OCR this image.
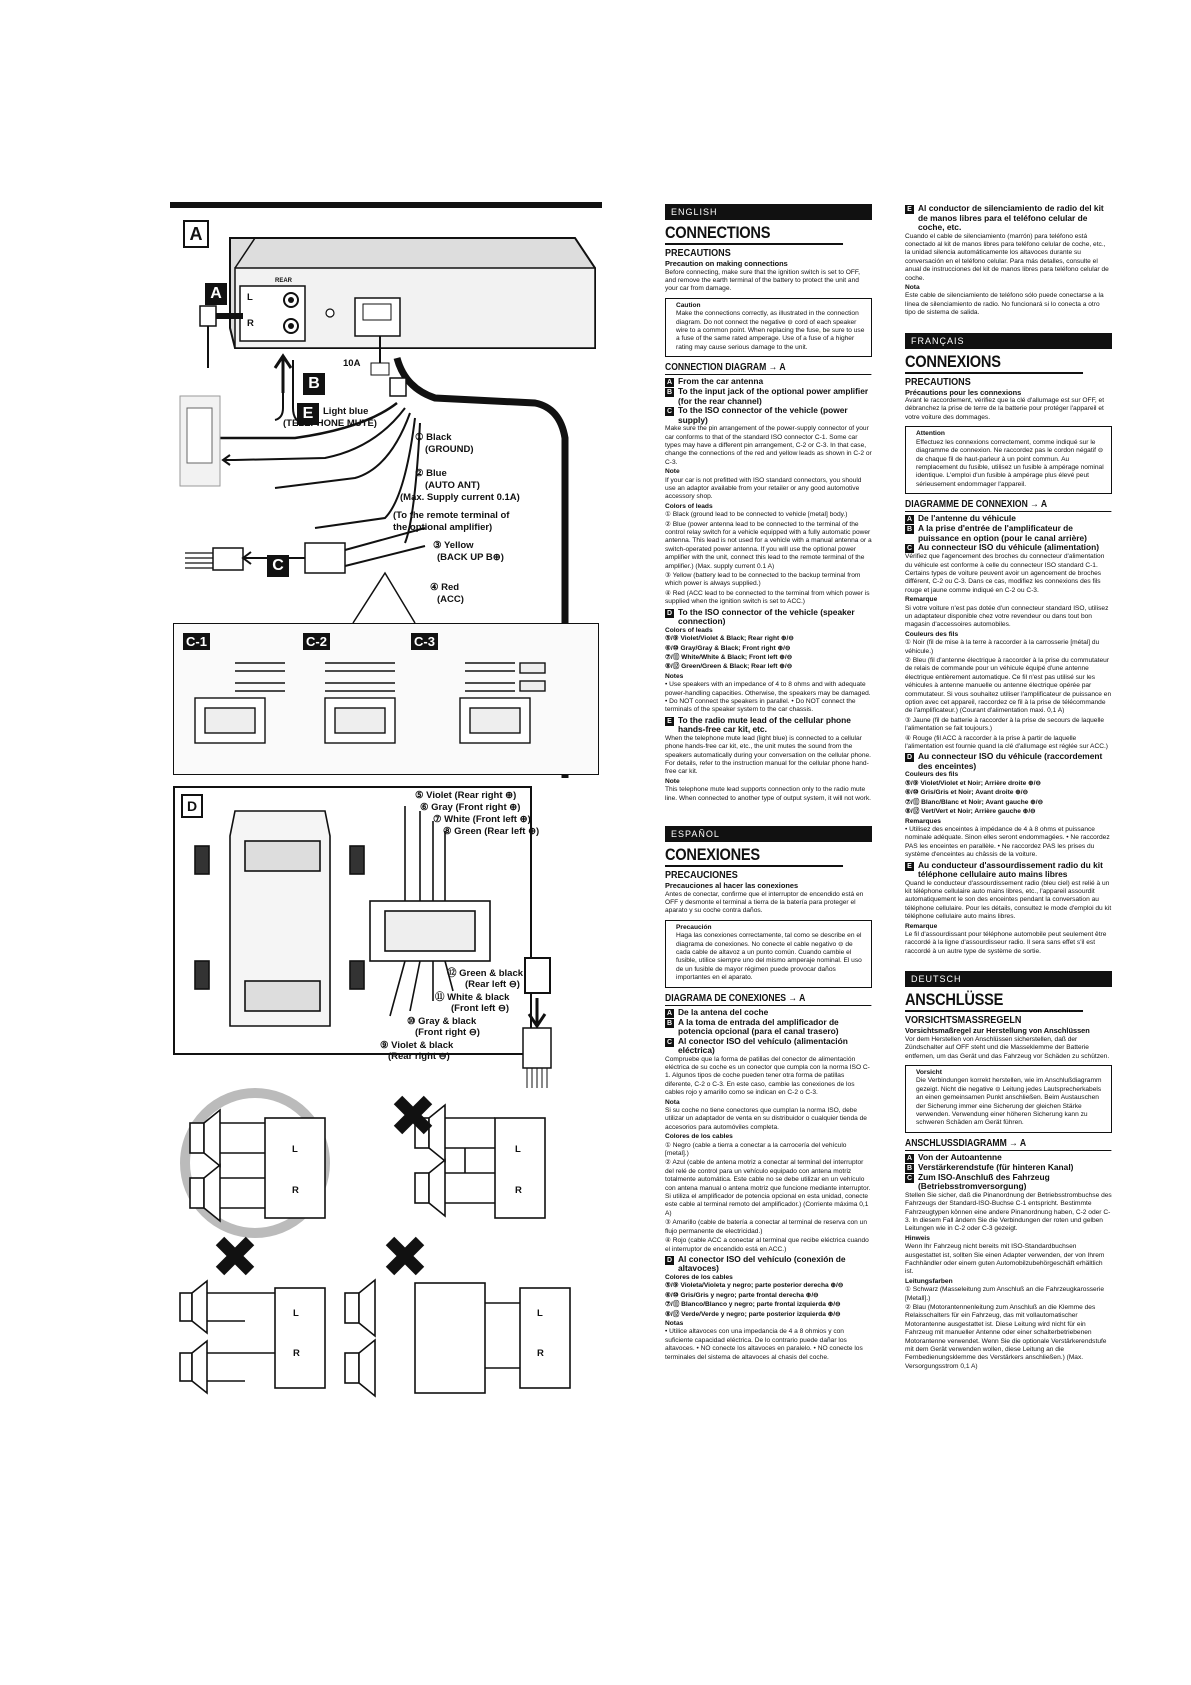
A
A
REAR
L
R
B
10A
E	Light blue
(TELEPHONE MUTE)
① Black
(GROUND)
② Blue
(AUTO ANT)
(Max. Supply current 0.1A)
(To the remote terminal of
the optional amplifier)
③ Yellow
(BACK UP B⊕)
④ Red
(ACC)
C
C-1	C-2	C-3
D
⑤ Violet (Rear right ⊕)
⑥ Gray (Front right ⊕)
⑦ White (Front left ⊕)
⑧ Green (Rear left ⊕)
⑫ Green & black
(Rear left ⊖)
⑪ White & black
(Front left ⊖)
⑩ Gray & black
(Front right ⊖)
⑨ Violet & black
(Rear right ⊖)
L
R
L
R
L
R
L
R
ENGLISH
CONNECTIONS
PRECAUTIONS
Precaution on making connections

Before connecting, make sure that the ignition switch is set to OFF, and remove the earth terminal of the battery to protect the unit and your car from damage.

Caution

Make the connections correctly, as illustrated in the connection diagram. Do not connect the negative ⊖ cord of each speaker wire to a common point. When replacing the fuse, be sure to use a fuse of the same rated amperage. Use of a fuse of a higher rating may cause serious damage to the unit.

CONNECTION DIAGRAM → A
A From the car antenna
B To the input jack of the optional power amplifier (for the rear channel)
C To the ISO connector of the vehicle (power supply)

Make sure the pin arrangement of the power-supply connector of your car conforms to that of the standard ISO connector C-1. Some car types may have a different pin arrangement, C-2 or C-3. In that case, change the connections of the red and yellow leads as shown in C-2 or C-3.

Note

If your car is not prefitted with ISO standard connectors, you should use an adaptor available from your retailer or any good automotive accessory shop.

Colors of leads

① Black (ground lead to be connected to vehicle [metal] body.)

② Blue (power antenna lead to be connected to the terminal of the control relay switch for a vehicle equipped with a fully automatic power antenna. This lead is not used for a vehicle with a manual antenna or a switch-operated power antenna. If you will use the optional power amplifier with the unit, connect this lead to the remote terminal of the amplifier.) (Max. supply current 0.1 A)

③ Yellow (battery lead to be connected to the backup terminal from which power is always supplied.)

④ Red (ACC lead to be connected to the terminal from which power is supplied when the ignition switch is set to ACC.)

D To the ISO connector of the vehicle (speaker connection)
Colors of leads

⑤/⑨ Violet/Violet & Black; Rear right ⊕/⊖

⑥/⑩ Gray/Gray & Black; Front right ⊕/⊖

⑦/⑪ White/White & Black; Front left ⊕/⊖

⑧/⑫ Green/Green & Black; Rear left ⊕/⊖

Notes

• Use speakers with an impedance of 4 to 8 ohms and with adequate power-handling capacities. Otherwise, the speakers may be damaged. • Do NOT connect the speakers in parallel. • Do NOT connect the terminals of the speaker system to the car chassis.

E To the radio mute lead of the cellular phone hands-free car kit, etc.

When the telephone mute lead (light blue) is connected to a cellular phone hands-free car kit, etc., the unit mutes the sound from the speakers automatically during your conversation on the cellular phone. For details, refer to the instruction manual for the cellular phone hand-free car kit.

Note

This telephone mute lead supports connection only to the radio mute line. When connected to another type of output system, it will not work.

ESPAÑOL
CONEXIONES
PRECAUCIONES
Precauciones al hacer las conexiones

Antes de conectar, confirme que el interruptor de encendido está en OFF y desmonte el terminal a tierra de la batería para proteger el aparato y su coche contra daños.

Precaución

Haga las conexiones correctamente, tal como se describe en el diagrama de conexiones. No conecte el cable negativo ⊖ de cada cable de altavoz a un punto común. Cuando cambie el fusible, utilice siempre uno del mismo amperaje nominal. El uso de un fusible de mayor régimen puede provocar daños importantes en el aparato.

DIAGRAMA DE CONEXIONES → A
A De la antena del coche
B A la toma de entrada del amplificador de potencia opcional (para el canal trasero)
C Al conector ISO del vehículo (alimentación eléctrica)

Compruebe que la forma de patillas del conector de alimentación eléctrica de su coche es un conector que cumpla con la norma ISO C-1. Algunos tipos de coche pueden tener otra forma de patillas diferente, C-2 o C-3. En este caso, cambie las conexiones de los cables rojo y amarillo como se indican en C-2 o C-3.

Nota

Si su coche no tiene conectores que cumplan la norma ISO, debe utilizar un adaptador de venta en su distribuidor o cualquier tienda de accesorios para automóviles completa.

Colores de los cables

① Negro (cable a tierra a conectar a la carrocería del vehículo [metal].)

② Azul (cable de antena motriz a conectar al terminal del interruptor del relé de control para un vehículo equipado con antena motriz totalmente automática. Este cable no se debe utilizar en un vehículo con antena manual o antena motriz que funcione mediante interruptor. Si utiliza el amplificador de potencia opcional en esta unidad, conecte este cable al terminal remoto del amplificador.) (Corriente máxima 0,1 A)

③ Amarillo (cable de batería a conectar al terminal de reserva con un flujo permanente de electricidad.)

④ Rojo (cable ACC a conectar al terminal que recibe eléctrica cuando el interruptor de encendido está en ACC.)

D Al conector ISO del vehículo (conexión de altavoces)
Colores de los cables

⑤/⑨ Violeta/Violeta y negro; parte posterior derecha ⊕/⊖

⑥/⑩ Gris/Gris y negro; parte frontal derecha ⊕/⊖

⑦/⑪ Blanco/Blanco y negro; parte frontal izquierda ⊕/⊖

⑧/⑫ Verde/Verde y negro; parte posterior izquierda ⊕/⊖

Notas

• Utilice altavoces con una impedancia de 4 a 8 ohmios y con suficiente capacidad eléctrica. De lo contrario puede dañar los altavoces. • NO conecte los altavoces en paralelo. • NO conecte los terminales del sistema de altavoces al chasis del coche.

E Al conductor de silenciamiento de radio del kit de manos libres para el teléfono celular de coche, etc.

Cuando el cable de silenciamiento (marrón) para teléfono está conectado al kit de manos libres para teléfono celular de coche, etc., la unidad silencia automáticamente los altavoces durante su conversación en el teléfono celular. Para más detalles, consulte el anual de instrucciones del kit de manos libres para teléfono celular de coche.

Nota

Este cable de silenciamiento de teléfono sólo puede conectarse a la línea de silenciamiento de radio. No funcionará si lo conecta a otro tipo de sistema de salida.

FRANÇAIS
CONNEXIONS
PRECAUTIONS
Précautions pour les connexions

Avant le raccordement, vérifiez que la clé d'allumage est sur OFF, et débranchez la prise de terre de la batterie pour protéger l'appareil et votre voiture des dommages.

Attention

Effectuez les connexions correctement, comme indiqué sur le diagramme de connexion. Ne raccordez pas le cordon négatif ⊖ de chaque fil de haut-parleur à un point commun. Au remplacement du fusible, utilisez un fusible à ampérage nominal identique. L'emploi d'un fusible à ampérage plus élevé peut sérieusement endommager l'appareil.

DIAGRAMME DE CONNEXION → A
A De l'antenne du véhicule
B A la prise d'entrée de l'amplificateur de puissance en option (pour le canal arrière)
C Au connecteur ISO du véhicule (alimentation)

Vérifiez que l'agencement des broches du connecteur d'alimentation du véhicule est conforme à celle du connecteur ISO standard C-1. Certains types de voiture peuvent avoir un agencement de broches différent, C-2 ou C-3. Dans ce cas, modifiez les connexions des fils rouge et jaune comme indiqué en C-2 ou C-3.

Remarque

Si votre voiture n'est pas dotée d'un connecteur standard ISO, utilisez un adaptateur disponible chez votre revendeur ou dans tout bon magasin d'accessoires automobiles.

Couleurs des fils

① Noir (fil de mise à la terre à raccorder à la carrosserie [métal] du véhicule.)

② Bleu (fil d'antenne électrique à raccorder à la prise du commutateur de relais de commande pour un véhicule équipé d'une antenne électrique entièrement automatique. Ce fil n'est pas utilisé sur les véhicules à antenne manuelle ou antenne électrique opérée par commutateur. Si vous souhaitez utiliser l'amplificateur de puissance en option avec cet appareil, raccordez ce fil à la prise de télécommande de l'amplificateur.) (Courant d'alimentation maxi. 0,1 A)

③ Jaune (fil de batterie à raccorder à la prise de secours de laquelle l'alimentation se fait toujours.)

④ Rouge (fil ACC à raccorder à la prise à partir de laquelle l'alimentation est fournie quand la clé d'allumage est réglée sur ACC.)

D Au connecteur ISO du véhicule (raccordement des enceintes)
Couleurs des fils

⑤/⑨ Violet/Violet et Noir; Arrière droite ⊕/⊖

⑥/⑩ Gris/Gris et Noir; Avant droite ⊕/⊖

⑦/⑪ Blanc/Blanc et Noir; Avant gauche ⊕/⊖

⑧/⑫ Vert/Vert et Noir; Arrière gauche ⊕/⊖

Remarques

• Utilisez des enceintes à impédance de 4 à 8 ohms et puissance nominale adéquate. Sinon elles seront endommagées. • Ne raccordez PAS les enceintes en parallèle. • Ne raccordez PAS les prises du système d'enceintes au châssis de la voiture.

E Au conducteur d'assourdissement radio du kit téléphone cellulaire auto mains libres

Quand le conducteur d'assourdissement radio (bleu ciel) est relié à un kit téléphone cellulaire auto mains libres, etc., l'appareil assourdit automatiquement le son des enceintes pendant la conversation au téléphone cellulaire. Pour les détails, consultez le mode d'emploi du kit téléphone cellulaire auto mains libres.

Remarque

Le fil d'assourdissant pour téléphone automobile peut seulement être raccordé à la ligne d'assourdisseur radio. Il sera sans effet s'il est raccordé à un autre type de système de sortie.

DEUTSCH
ANSCHLÜSSE
VORSICHTSMASSREGELN
Vorsichtsmaßregel zur Herstellung von Anschlüssen

Vor dem Herstellen von Anschlüssen sicherstellen, daß der Zündschalter auf OFF steht und die Masseklemme der Batterie entfernen, um das Gerät und das Fahrzeug vor Schäden zu schützen.

Vorsicht

Die Verbindungen korrekt herstellen, wie im Anschlußdiagramm gezeigt. Nicht die negative ⊖ Leitung jedes Lautsprecherkabels an einen gemeinsamen Punkt anschließen. Beim Austauschen der Sicherung immer eine Sicherung der gleichen Stärke verwenden. Verwendung einer höheren Sicherung kann zu schweren Schäden am Gerät führen.

ANSCHLUSSDIAGRAMM → A
A Von der Autoantenne
B Verstärkerendstufe (für hinteren Kanal)
C Zum ISO-Anschluß des Fahrzeug (Betriebsstromversorgung)

Stellen Sie sicher, daß die Pinanordnung der Betriebsstrombuchse des Fahrzeugs der Standard-ISO-Buchse C-1 entspricht. Bestimmte Fahrzeugtypen können eine andere Pinanordnung haben, C-2 oder C-3. In diesem Fall ändern Sie die Verbindungen der roten und gelben Leitungen wie in C-2 oder C-3 gezeigt.

Hinweis

Wenn Ihr Fahrzeug nicht bereits mit ISO-Standardbuchsen ausgestattet ist, sollten Sie einen Adapter verwenden, der von Ihrem Fachhändler oder einem guten Automobilzubehörgeschäft erhältlich ist.

Leitungsfarben

① Schwarz (Masseleitung zum Anschluß an die Fahrzeugkarosserie [Metall].)

② Blau (Motorantennenleitung zum Anschluß an die Klemme des Relaisschalters für ein Fahrzeug, das mit vollautomatischer Motorantenne ausgestattet ist. Diese Leitung wird nicht für ein Fahrzeug mit manueller Antenne oder einer schalterbetriebenen Motorantenne verwendet. Wenn Sie die optionale Verstärkerendstufe mit dem Gerät verwenden wollen, diese Leitung an die Fernbedienungsklemme des Verstärkers anschließen.) (Max. Versorgungsstrom 0,1 A)
